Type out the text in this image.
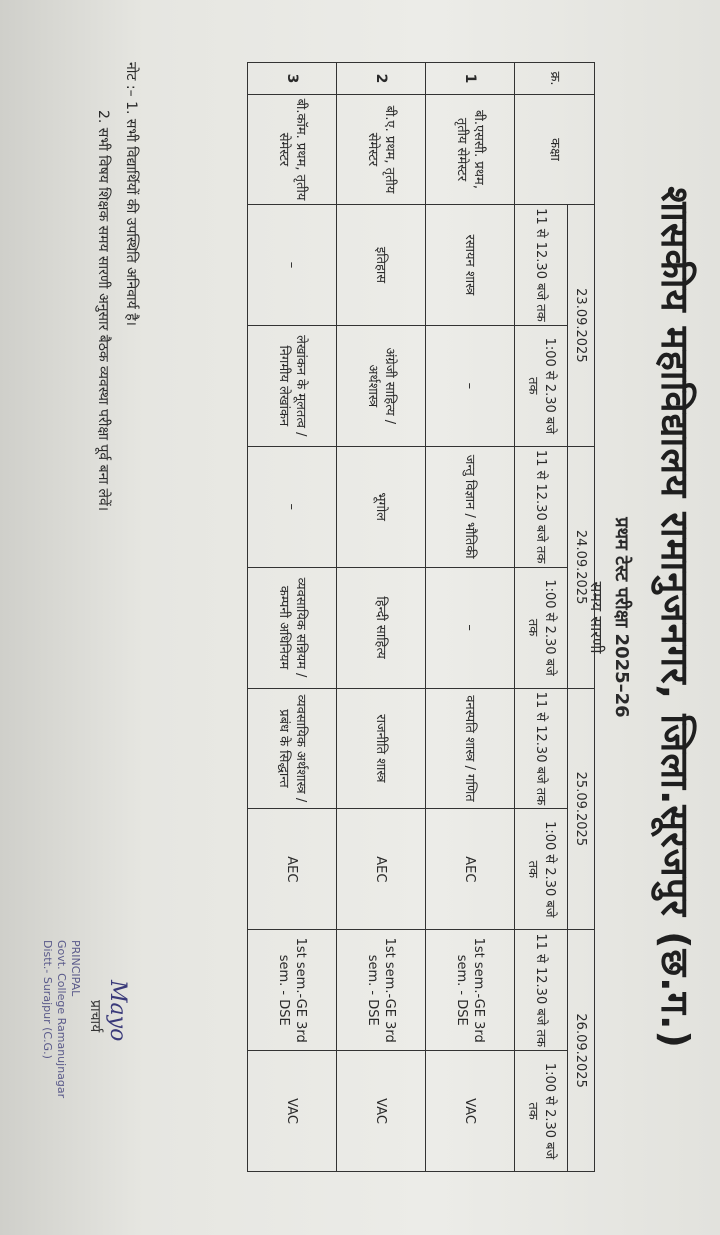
शासकीय महाविद्यालय रामानुजनगर, जिला.सूरजपुर (छ.ग.)
प्रथम टेस्ट परीक्षा 2025–26
समय सारणी
क्र.	कक्षा	23.09.2025		24.09.2025		25.09.2025		26.09.2025	
		11 से 12.30 बजे तक	1:00 से 2.30 बजे तक	11 से 12.30 बजे तक	1:00 से 2.30 बजे तक	11 से 12.30 बजे तक	1:00 से 2.30 बजे तक	11 से 12.30 बजे तक	1:00 से 2.30 बजे तक
1	बी.एससी. प्रथम, तृतीय सेमेस्टर	रसायन शास्त्र	–	जन्तु विज्ञान / भौतिकी	–	वनस्पति शास्त्र / गणित	AEC	1st sem.-GE 3rd sem. - DSE	VAC
2	बी.ए. प्रथम, तृतीय सेमेस्टर	इतिहास	अंग्रेजी साहित्य / अर्थशास्त्र	भूगोल	हिन्दी साहित्य	राजनीति शास्त्र	AEC	1st sem.-GE 3rd sem. - DSE	VAC
3	बी.कॉम. प्रथम, तृतीय सेमेस्टर	–	लेखांकन के मूलतत्व / निगमीय लेखांकन	–	व्यवसायिक सन्नियम / कम्पनी अधिनियम	व्यवसायिक अर्थशास्त्र / प्रबंध के सिद्धान्त	AEC	1st sem.-GE 3rd sem. - DSE	VAC
नोट :– 1. सभी विद्यार्थियों की उपस्थिति अनिवार्य है।
2. सभी विषय शिक्षक समय सारणी अनुसार बैठक व्यवस्था परीक्षा पूर्व बना लेवें।
Mayo
प्राचार्य
PRINCIPAL
Govt. College Ramanujnagar
Distt.- Surajpur (C.G.)
